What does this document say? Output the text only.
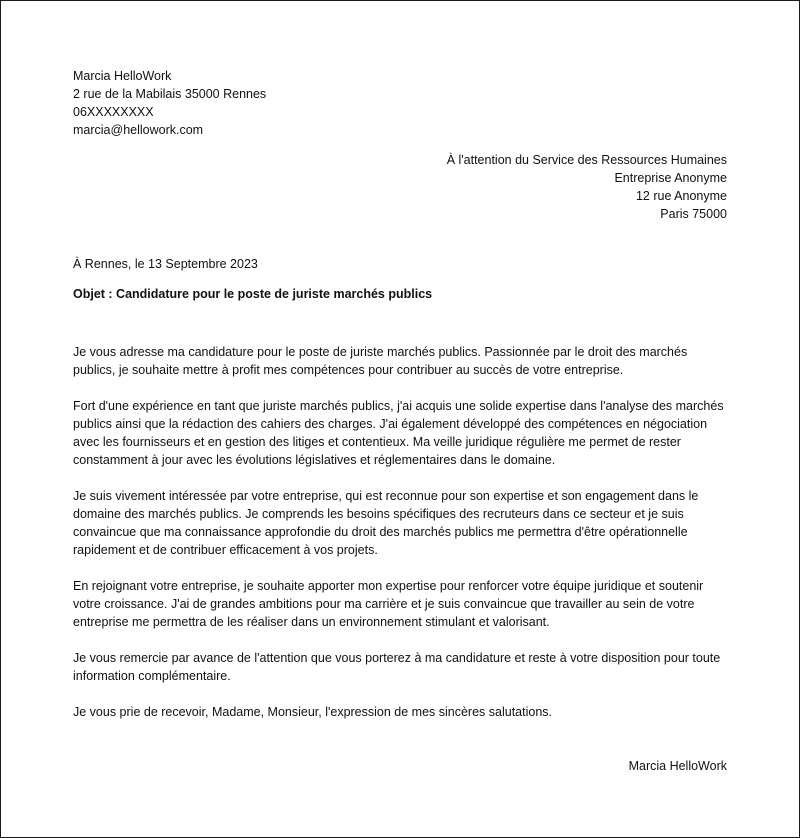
Marcia HelloWork
2 rue de la Mabilais 35000 Rennes
06XXXXXXXX
marcia@hellowork.com
À l'attention du Service des Ressources Humaines
Entreprise Anonyme
12 rue Anonyme
Paris 75000
À Rennes, le 13 Septembre 2023
Objet : Candidature pour le poste de juriste marchés publics

Je vous adresse ma candidature pour le poste de juriste marchés publics. Passionnée par le droit des marchés publics, je souhaite mettre à profit mes compétences pour contribuer au succès de votre entreprise.

Fort d'une expérience en tant que juriste marchés publics, j'ai acquis une solide expertise dans l'analyse des marchés publics ainsi que la rédaction des cahiers des charges. J'ai également développé des compétences en négociation avec les fournisseurs et en gestion des litiges et contentieux. Ma veille juridique régulière me permet de rester constamment à jour avec les évolutions législatives et réglementaires dans le domaine.

Je suis vivement intéressée par votre entreprise, qui est reconnue pour son expertise et son engagement dans le domaine des marchés publics. Je comprends les besoins spécifiques des recruteurs dans ce secteur et je suis convaincue que ma connaissance approfondie du droit des marchés publics me permettra d'être opérationnelle rapidement et de contribuer efficacement à vos projets.

En rejoignant votre entreprise, je souhaite apporter mon expertise pour renforcer votre équipe juridique et soutenir votre croissance. J'ai de grandes ambitions pour ma carrière et je suis convaincue que travailler au sein de votre entreprise me permettra de les réaliser dans un environnement stimulant et valorisant.

Je vous remercie par avance de l'attention que vous porterez à ma candidature et reste à votre disposition pour toute information complémentaire.

Je vous prie de recevoir, Madame, Monsieur, l'expression de mes sincères salutations.

Marcia HelloWork
